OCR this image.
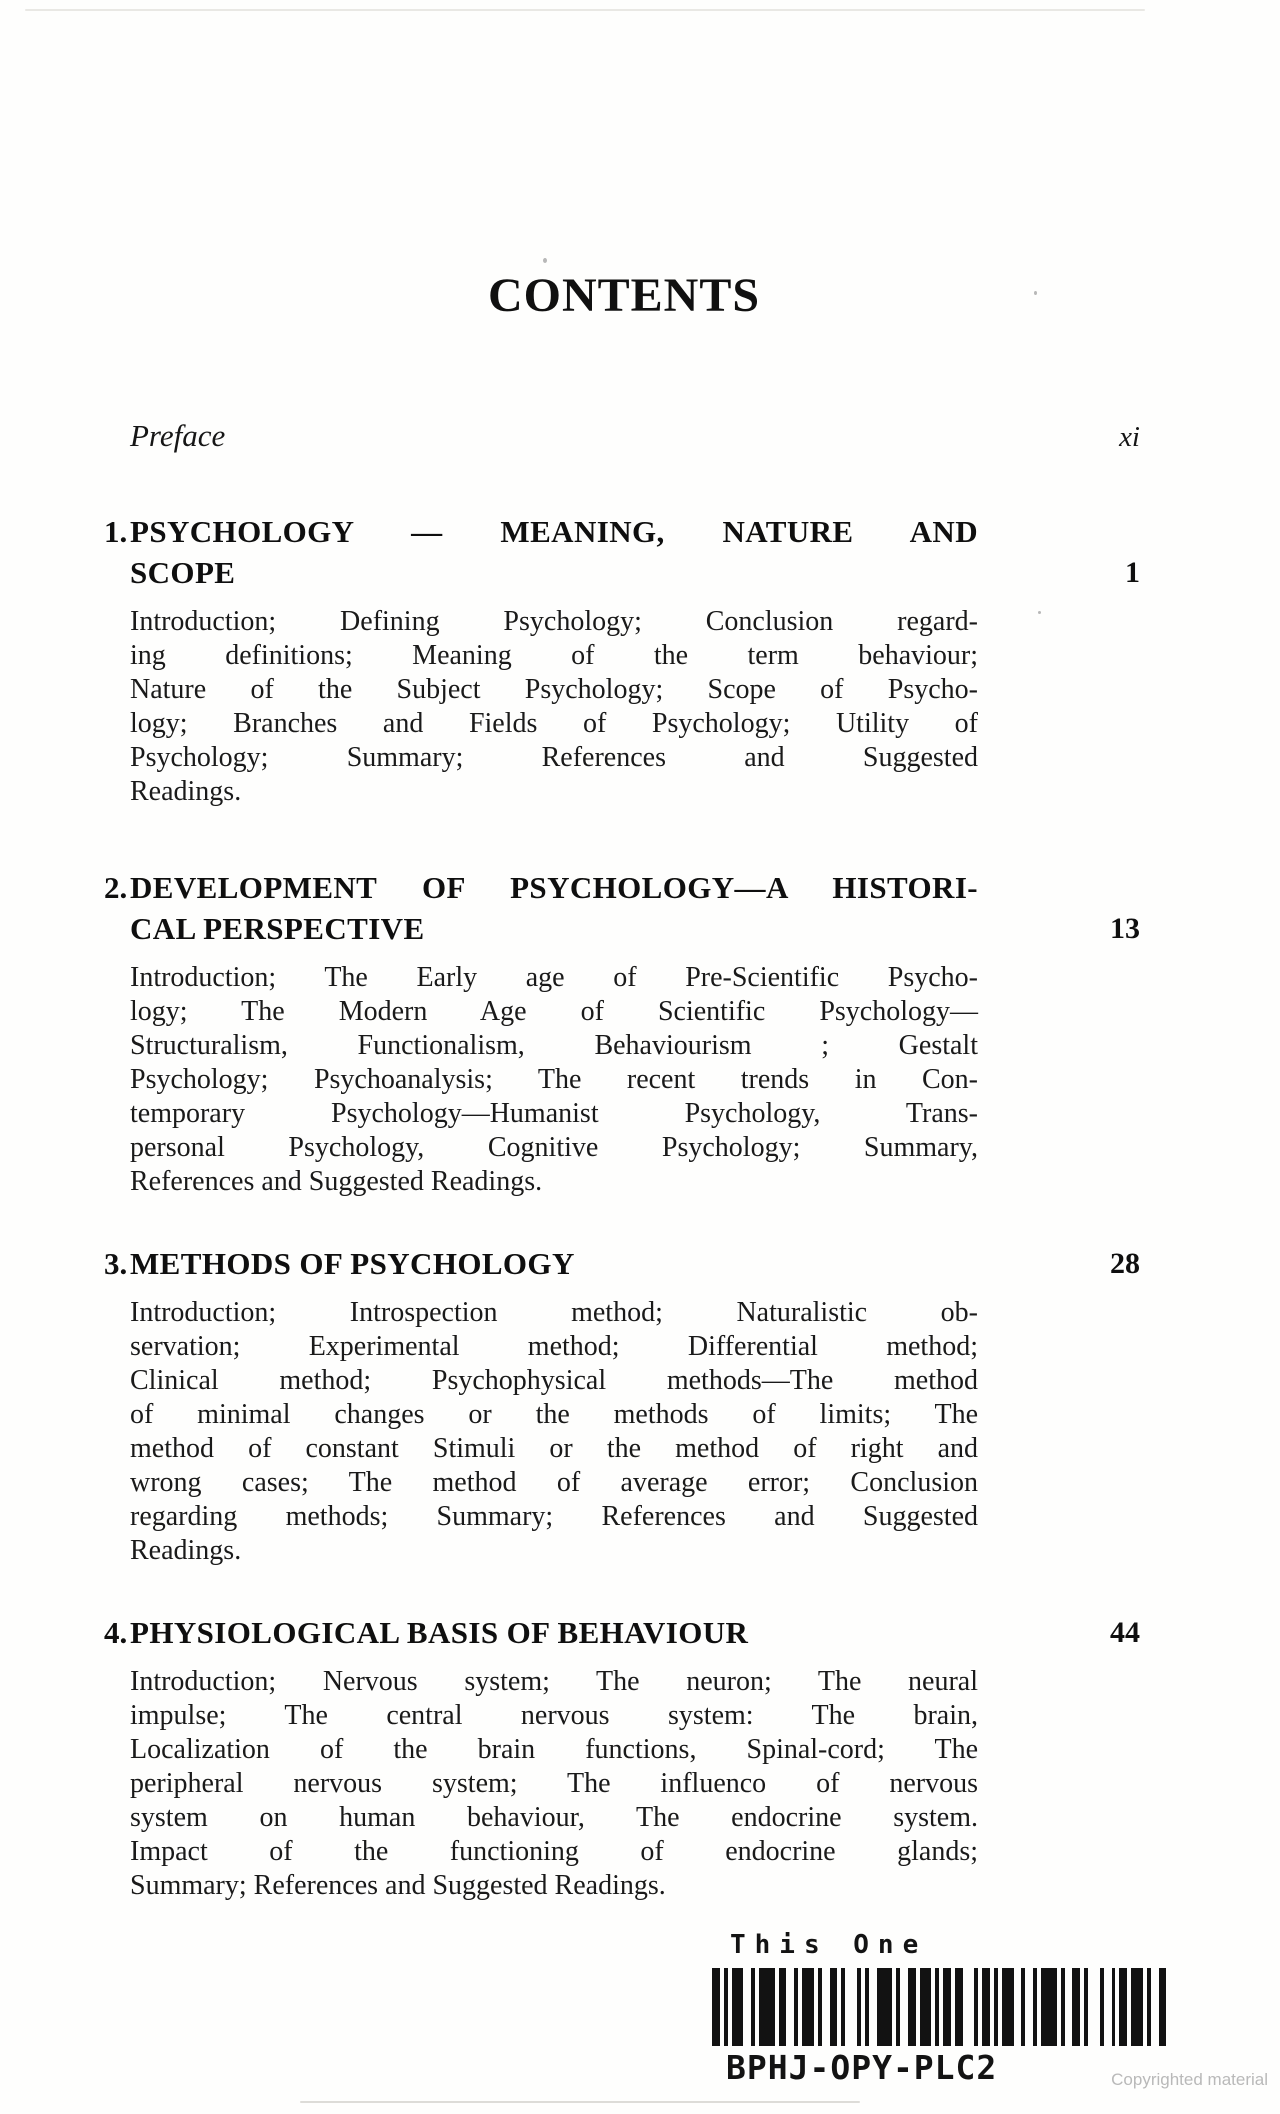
CONTENTS
Preface	xi
1. PSYCHOLOGY — MEANING, NATURE AND
SCOPE	1
Introduction; Defining Psychology; Conclusion regard-
ing definitions; Meaning of the term behaviour;
Nature of the Subject Psychology; Scope of Psycho-
logy; Branches and Fields of Psychology; Utility of
Psychology; Summary; References and Suggested
Readings.
2. DEVELOPMENT OF PSYCHOLOGY—A HISTORI-
CAL PERSPECTIVE	13
Introduction; The Early age of Pre-Scientific Psycho-
logy; The Modern Age of Scientific Psychology—
Structuralism, Functionalism, Behaviourism ; Gestalt
Psychology; Psychoanalysis; The recent trends in Con-
temporary Psychology—Humanist Psychology, Trans-
personal Psychology, Cognitive Psychology; Summary,
References and Suggested Readings.
3. METHODS OF PSYCHOLOGY	28
Introduction; Introspection method; Naturalistic ob-
servation; Experimental method; Differential method;
Clinical method; Psychophysical methods—The method
of minimal changes or the methods of limits; The
method of constant Stimuli or the method of right and
wrong cases; The method of average error; Conclusion
regarding methods; Summary; References and Suggested
Readings.
4. PHYSIOLOGICAL BASIS OF BEHAVIOUR	44
Introduction; Nervous system; The neuron; The neural
impulse; The central nervous system: The brain,
Localization of the brain functions, Spinal-cord; The
peripheral nervous system; The influenco of nervous
system on human behaviour, The endocrine system.
Impact of the functioning of endocrine glands;
Summary; References and Suggested Readings.
This One
BPHJ-OPY-PLC2	Copyrighted material
